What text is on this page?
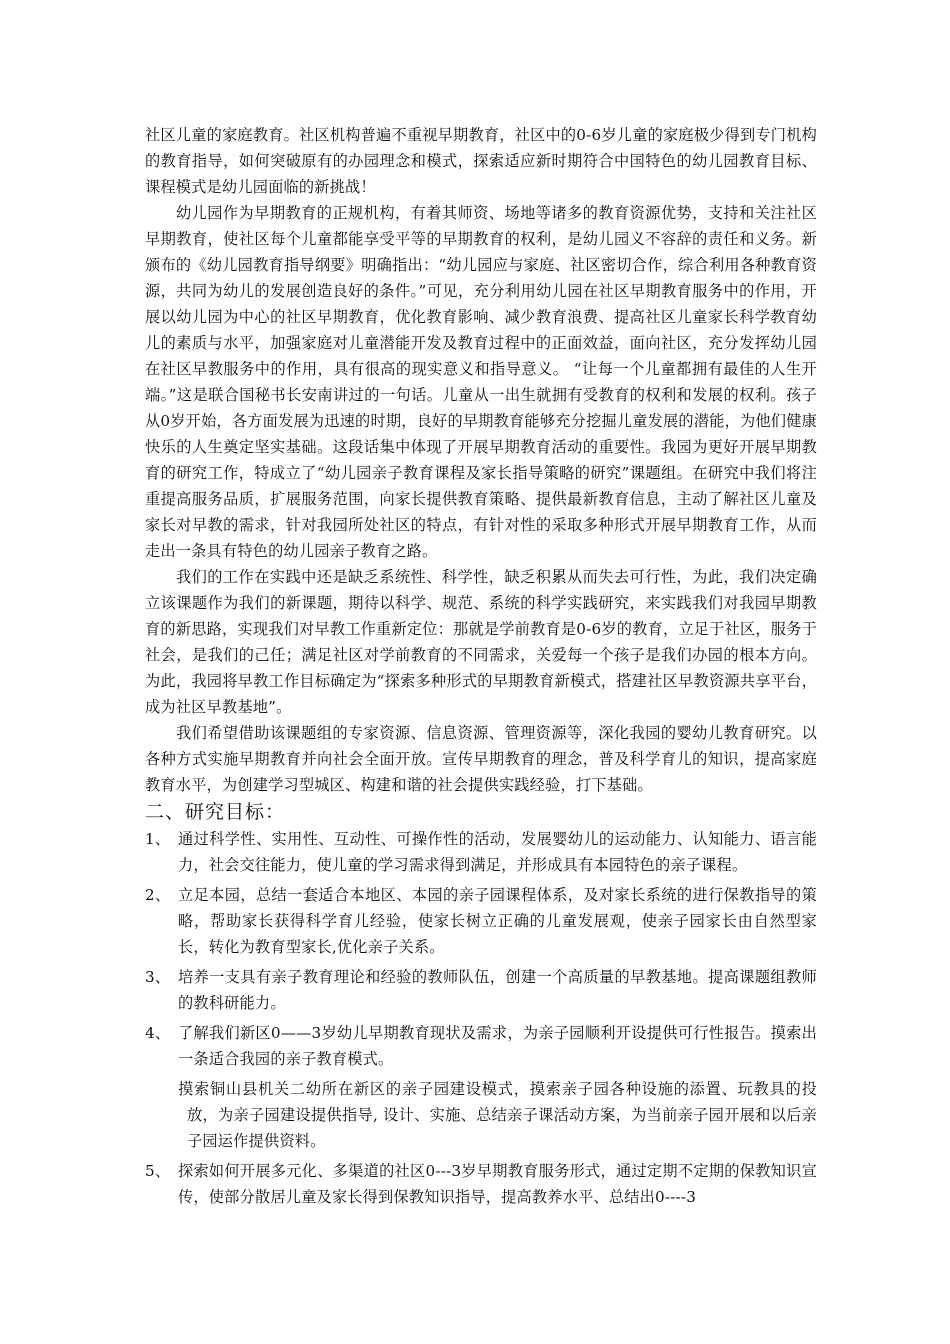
社区儿童的家庭教育。社区机构普遍不重视早期教育，社区中的0-6岁儿童的家庭极少得到专门机构的教育指导，如何突破原有的办园理念和模式，探索适应新时期符合中国特色的幼儿园教育目标、课程模式是幼儿园面临的新挑战！

幼儿园作为早期教育的正规机构，有着其师资、场地等诸多的教育资源优势，支持和关注社区早期教育，使社区每个儿童都能享受平等的早期教育的权利，是幼儿园义不容辞的责任和义务。新颁布的《幼儿园教育指导纲要》明确指出：“幼儿园应与家庭、社区密切合作，综合利用各种教育资源，共同为幼儿的发展创造良好的条件。”可见，充分利用幼儿园在社区早期教育服务中的作用，开展以幼儿园为中心的社区早期教育，优化教育影响、减少教育浪费、提高社区儿童家长科学教育幼儿的素质与水平，加强家庭对儿童潜能开发及教育过程中的正面效益，面向社区，充分发挥幼儿园在社区早教服务中的作用，具有很高的现实意义和指导意义。 “让每一个儿童都拥有最佳的人生开端。”这是联合国秘书长安南讲过的一句话。儿童从一出生就拥有受教育的权利和发展的权利。孩子从0岁开始，各方面发展为迅速的时期，良好的早期教育能够充分挖掘儿童发展的潜能，为他们健康快乐的人生奠定坚实基础。这段话集中体现了开展早期教育活动的重要性。我园为更好开展早期教育的研究工作，特成立了“幼儿园亲子教育课程及家长指导策略的研究”课题组。在研究中我们将注重提高服务品质，扩展服务范围，向家长提供教育策略、提供最新教育信息，主动了解社区儿童及家长对早教的需求，针对我园所处社区的特点，有针对性的采取多种形式开展早期教育工作，从而走出一条具有特色的幼儿园亲子教育之路。

我们的工作在实践中还是缺乏系统性、科学性，缺乏积累从而失去可行性，为此，我们决定确立该课题作为我们的新课题，期待以科学、规范、系统的科学实践研究，来实践我们对我园早期教育的新思路，实现我们对早教工作重新定位：那就是学前教育是0-6岁的教育，立足于社区，服务于社会，是我们的己任；满足社区对学前教育的不同需求，关爱每一个孩子是我们办园的根本方向。为此，我园将早教工作目标确定为“探索多种形式的早期教育新模式，搭建社区早教资源共享平台，成为社区早教基地”。

我们希望借助该课题组的专家资源、信息资源、管理资源等，深化我园的婴幼儿教育研究。以各种方式实施早期教育并向社会全面开放。宣传早期教育的理念，普及科学育儿的知识，提高家庭教育水平，为创建学习型城区、构建和谐的社会提供实践经验，打下基础。

二、研究目标：
1、 通过科学性、实用性、互动性、可操作性的活动，发展婴幼儿的运动能力、认知能力、语言能力，社会交往能力，使儿童的学习需求得到满足，并形成具有本园特色的亲子课程。
2、 立足本园，总结一套适合本地区、本园的亲子园课程体系，及对家长系统的进行保教指导的策略，帮助家长获得科学育儿经验，使家长树立正确的儿童发展观，使亲子园家长由自然型家长，转化为教育型家长,优化亲子关系。
3、 培养一支具有亲子教育理论和经验的教师队伍，创建一个高质量的早教基地。提高课题组教师的教科研能力。
4、 了解我们新区0——3岁幼儿早期教育现状及需求，为亲子园顺利开设提供可行性报告。摸索出一条适合我园的亲子教育模式。
摸索铜山县机关二幼所在新区的亲子园建设模式，摸索亲子园各种设施的添置、玩教具的投放，为亲子园建设提供指导, 设计、实施、总结亲子课活动方案，为当前亲子园开展和以后亲子园运作提供资料。
5、 探索如何开展多元化、多渠道的社区0---3岁早期教育服务形式，通过定期不定期的保教知识宣传，使部分散居儿童及家长得到保教知识指导，提高教养水平、总结出0----3
